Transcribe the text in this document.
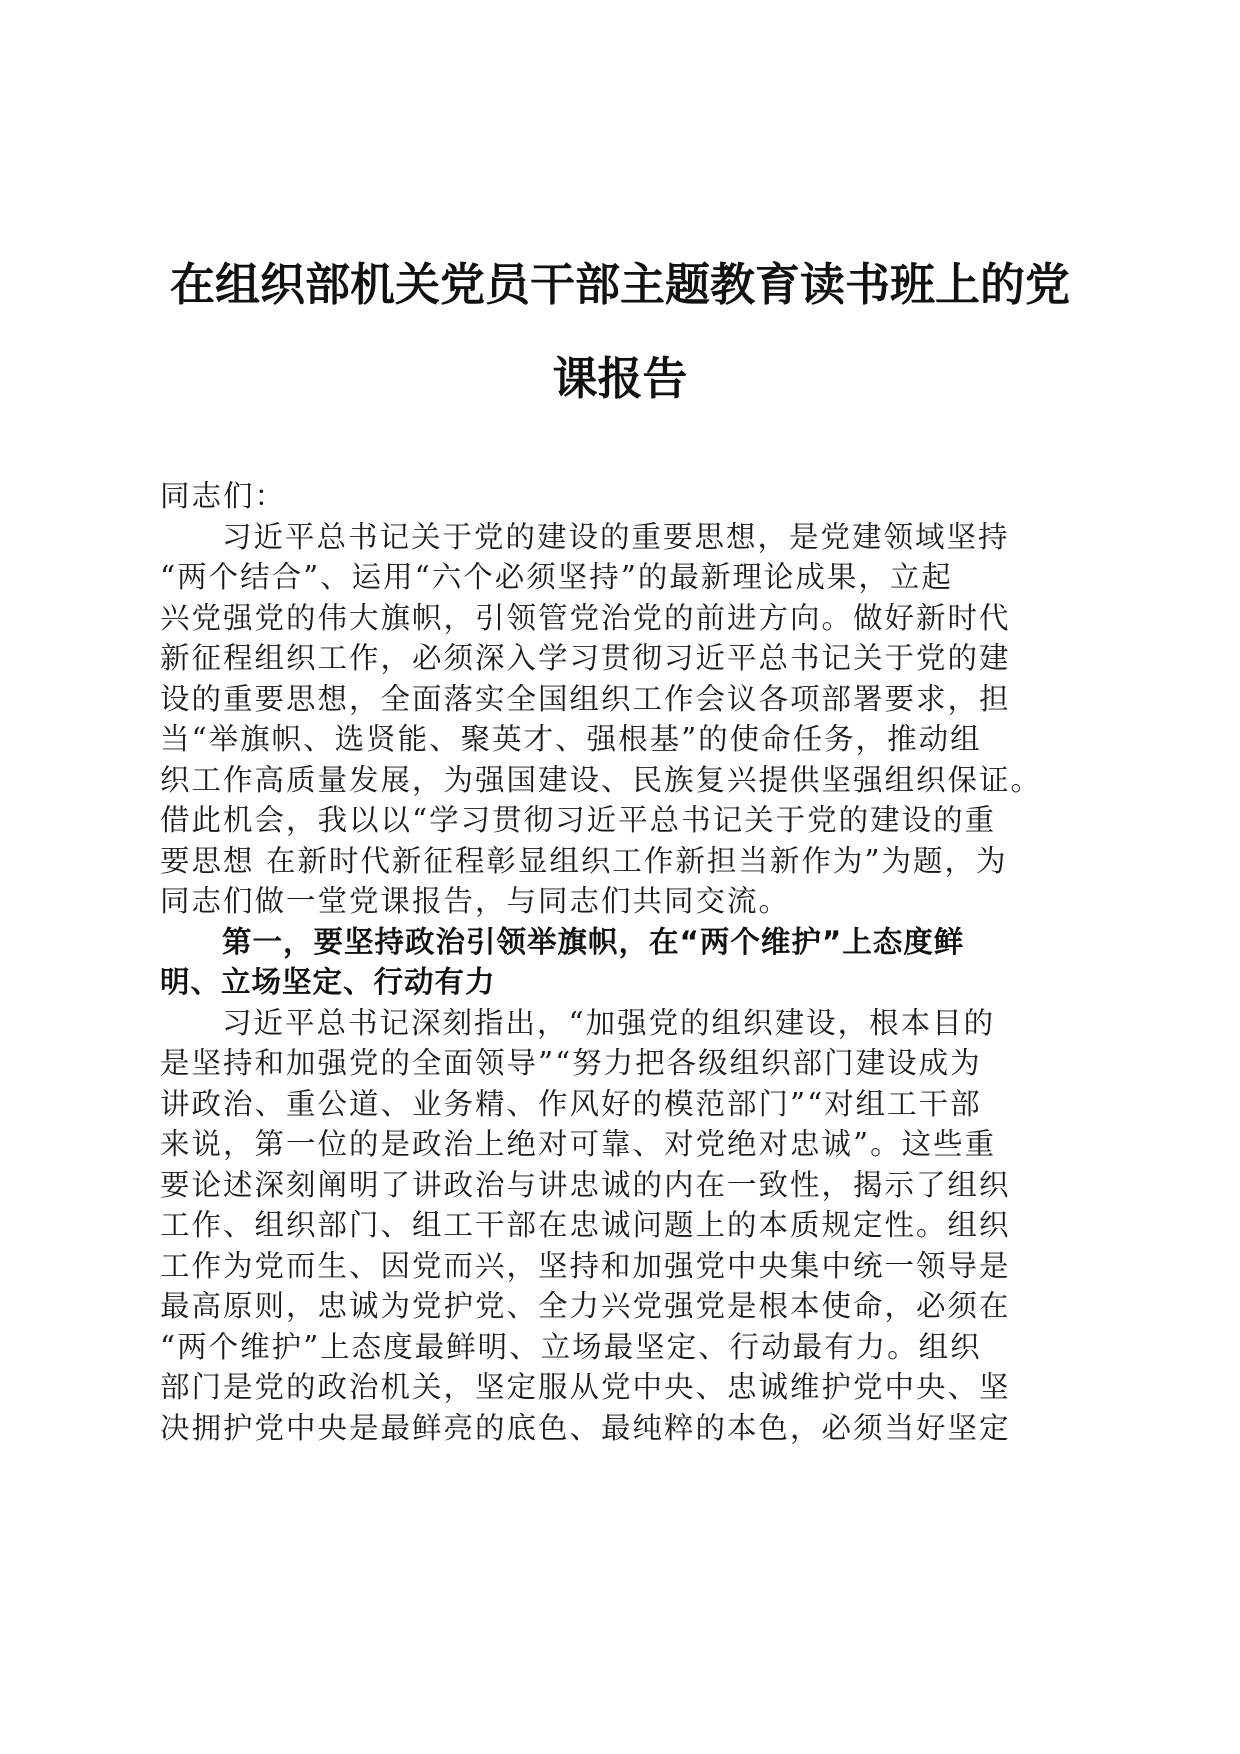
在组织部机关党员干部主题教育读书班上的党
课报告
同志们：
习近平总书记关于党的建设的重要思想，是党建领域坚持
“两个结合”、运用“六个必须坚持”的最新理论成果，立起
兴党强党的伟大旗帜，引领管党治党的前进方向。做好新时代
新征程组织工作，必须深入学习贯彻习近平总书记关于党的建
设的重要思想，全面落实全国组织工作会议各项部署要求，担
当“举旗帜、选贤能、聚英才、强根基”的使命任务，推动组
织工作高质量发展，为强国建设、民族复兴提供坚强组织保证。
借此机会，我以以“学习贯彻习近平总书记关于党的建设的重
要思想 在新时代新征程彰显组织工作新担当新作为”为题，为
同志们做一堂党课报告，与同志们共同交流。
第一，要坚持政治引领举旗帜，在“两个维护”上态度鲜
明、立场坚定、行动有力
习近平总书记深刻指出，“加强党的组织建设，根本目的
是坚持和加强党的全面领导”“努力把各级组织部门建设成为
讲政治、重公道、业务精、作风好的模范部门”“对组工干部
来说，第一位的是政治上绝对可靠、对党绝对忠诚”。这些重
要论述深刻阐明了讲政治与讲忠诚的内在一致性，揭示了组织
工作、组织部门、组工干部在忠诚问题上的本质规定性。组织
工作为党而生、因党而兴，坚持和加强党中央集中统一领导是
最高原则，忠诚为党护党、全力兴党强党是根本使命，必须在
“两个维护”上态度最鲜明、立场最坚定、行动最有力。组织
部门是党的政治机关，坚定服从党中央、忠诚维护党中央、坚
决拥护党中央是最鲜亮的底色、最纯粹的本色，必须当好坚定
